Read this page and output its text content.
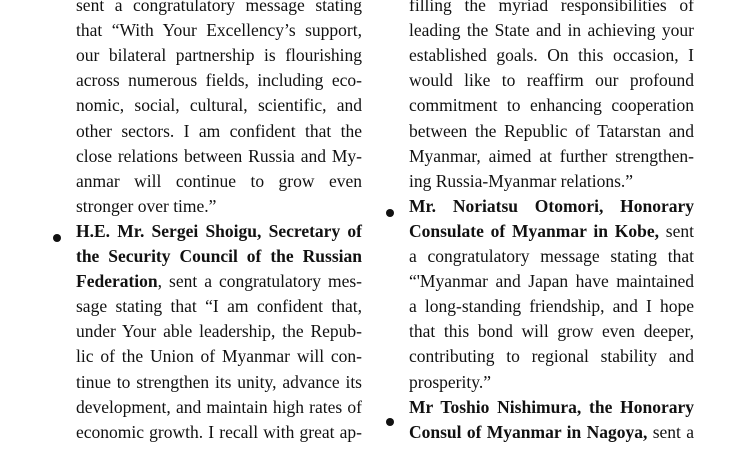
sent a congratulatory message stating
that “With Your Excellency’s support,
our bilateral partnership is flourishing
across numerous fields, including eco-
nomic, social, cultural, scientific, and
other sectors. I am confident that the
close relations between Russia and My-
anmar will continue to grow even
stronger over time.”
H.E. Mr. Sergei Shoigu, Secretary of
the Security Council of the Russian
Federation, sent a congratulatory mes-
sage stating that “I am confident that,
under Your able leadership, the Repub-
lic of the Union of Myanmar will con-
tinue to strengthen its unity, advance its
development, and maintain high rates of
economic growth. I recall with great ap-
filling the myriad responsibilities of
leading the State and in achieving your
established goals. On this occasion, I
would like to reaffirm our profound
commitment to enhancing cooperation
between the Republic of Tatarstan and
Myanmar, aimed at further strengthen-
ing Russia-Myanmar relations.”
Mr. Noriatsu Otomori, Honorary
Consulate of Myanmar in Kobe, sent
a congratulatory message stating that
“'Myanmar and Japan have maintained
a long-standing friendship, and I hope
that this bond will grow even deeper,
contributing to regional stability and
prosperity.”
Mr Toshio Nishimura, the Honorary
Consul of Myanmar in Nagoya, sent a
